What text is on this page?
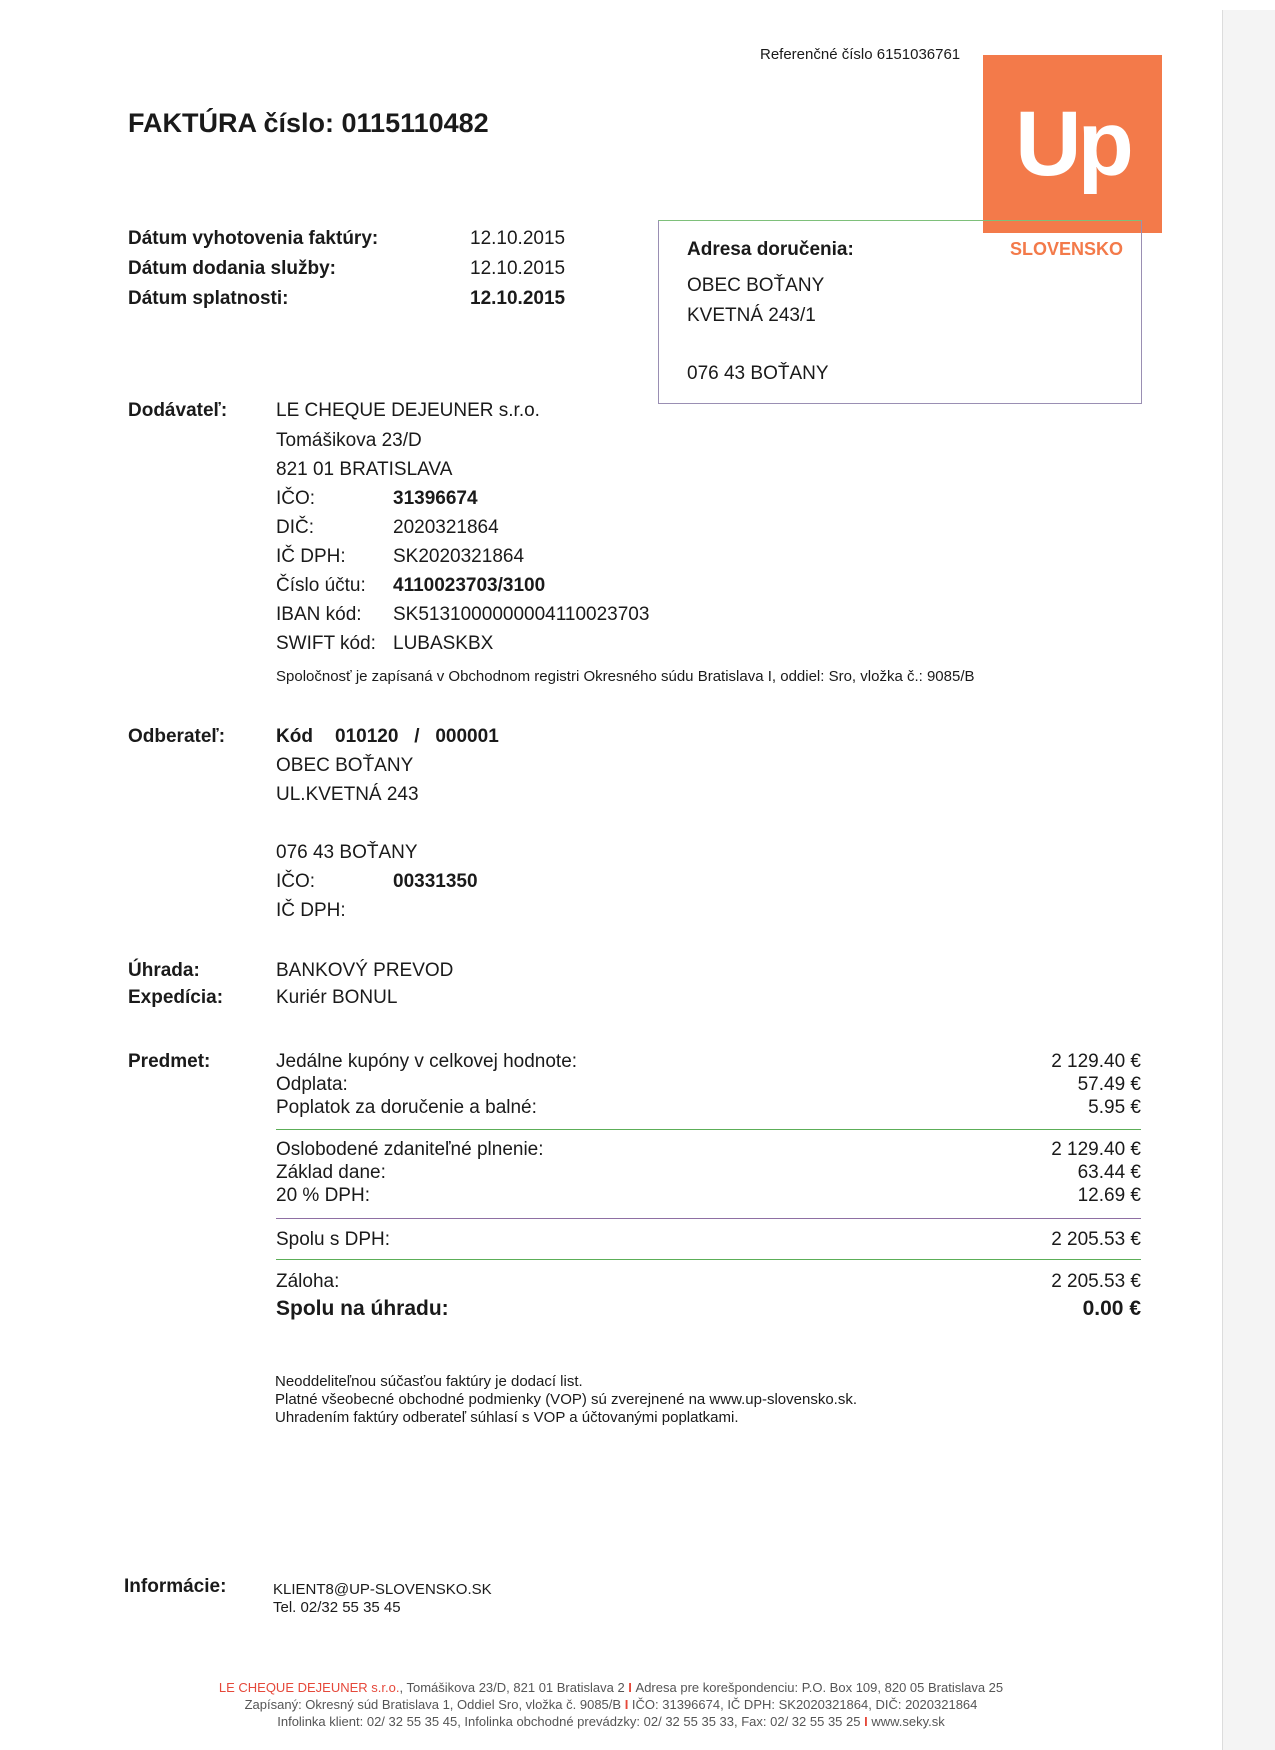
FAKTÚRA číslo: 0115110482
Referenčné číslo 6151036761
Up
SLOVENSKO
Dátum vyhotovenia faktúry:	12.10.2015
Dátum dodania služby:	12.10.2015
Dátum splatnosti:	12.10.2015
Adresa doručenia:
OBEC BOŤANY
KVETNÁ 243/1
076 43 BOŤANY
Dodávateľ:	LE CHEQUE DEJEUNER s.r.o.
Tomášikova 23/D
821 01 BRATISLAVA
IČO:	31396674
DIČ:	2020321864
IČ DPH: SK2020321864
Číslo účtu: 4110023703/3100
IBAN kód: SK5131000000004110023703
SWIFT kód: LUBASKBX
Spoločnosť je zapísaná v Obchodnom registri Okresného súdu Bratislava I, oddiel: Sro, vložka č.: 9085/B
Odberateľ:	Kód 010120   /   000001
OBEC BOŤANY
UL.KVETNÁ 243
076 43 BOŤANY
IČO:	00331350
IČ DPH:
Úhrada:	BANKOVÝ PREVOD
Expedícia:	Kuriér BONUL
Predmet:	Jedálne kupóny v celkovej hodnote:	2 129.40 €
Odplata:	57.49 €
Poplatok za doručenie a balné:	5.95 €
Oslobodené zdaniteľné plnenie:	2 129.40 €
Základ dane:	63.44 €
20 % DPH:	12.69 €
Spolu s DPH:	2 205.53 €
Záloha:	2 205.53 €
Spolu na úhradu:	0.00 €
Neoddeliteľnou súčasťou faktúry je dodací list.
Platné všeobecné obchodné podmienky (VOP) sú zverejnené na www.up-slovensko.sk.
Uhradením faktúry odberateľ súhlasí s VOP a účtovanými poplatkami.
Informácie:	KLIENT8@UP-SLOVENSKO.SK
Tel. 02/32 55 35 45
LE CHEQUE DEJEUNER s.r.o., Tomášikova 23/D, 821 01 Bratislava 2 I Adresa pre korešpondenciu: P.O. Box 109, 820 05 Bratislava 25
Zapísaný: Okresný súd Bratislava 1, Oddiel Sro, vložka č. 9085/B I IČO: 31396674, IČ DPH: SK2020321864, DIČ: 2020321864
Infolinka klient: 02/ 32 55 35 45, Infolinka obchodné prevádzky: 02/ 32 55 35 33, Fax: 02/ 32 55 35 25 I www.seky.sk
